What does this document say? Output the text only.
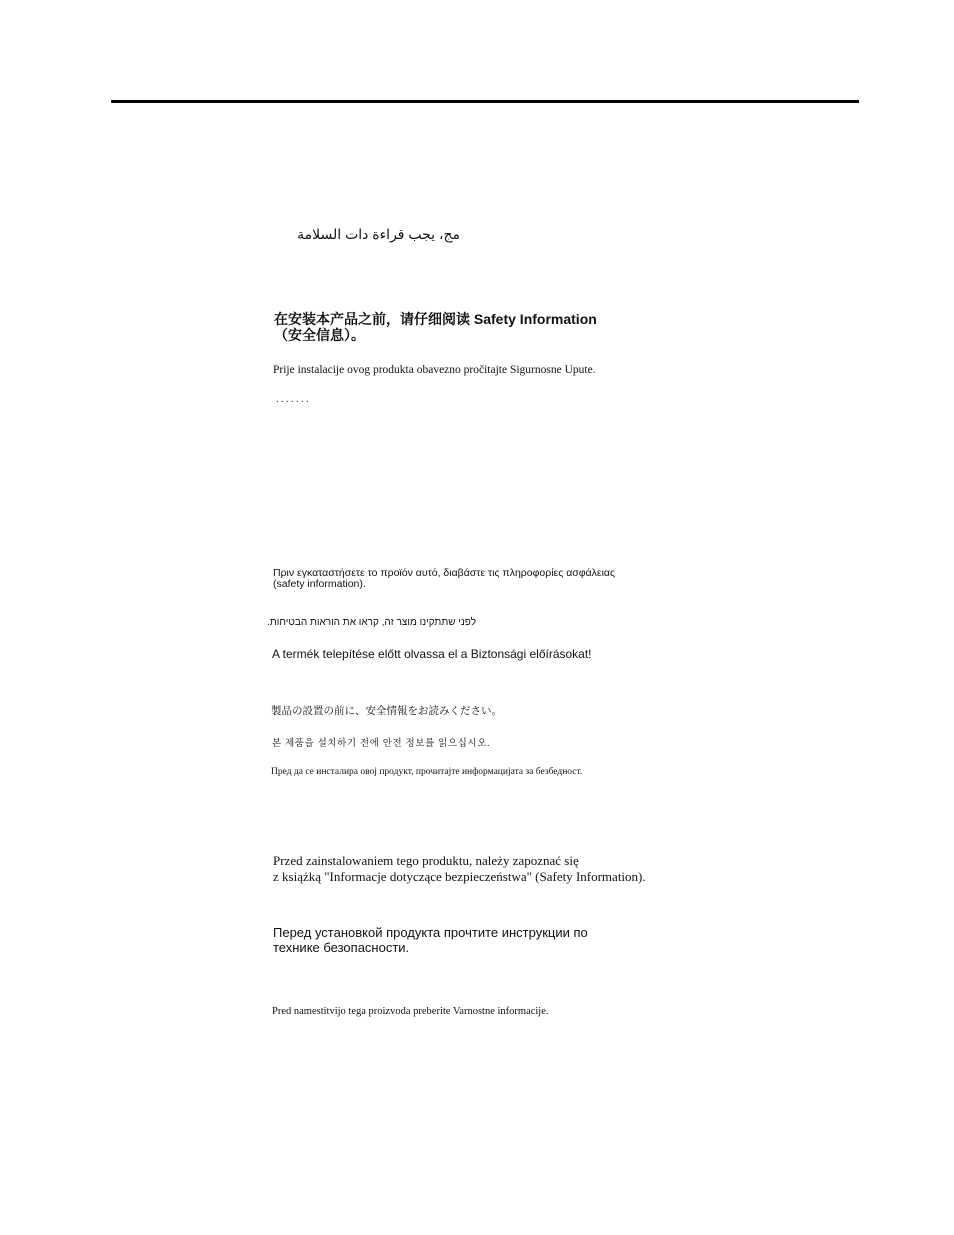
مج، يجب قراءة دات السلامة
在安装本产品之前，请仔细阅读 Safety Information
（安全信息）。
Prije instalacije ovog produkta obavezno pročitajte Sigurnosne Upute.
. . . . . . .
Πριν εγκαταστήσετε το προϊόν αυτό, διαβάστε τις πληροφορίες ασφάλειας
(safety information).
לפני שתתקינו מוצר זה, קראו את הוראות הבטיחות.
A termék telepítése előtt olvassa el a Biztonsági előírásokat!
製品の設置の前に、安全情報をお読みください。
본 제품을 설치하기 전에 안전 정보를 읽으십시오.
Пред да се инсталира овој продукт, прочитајте информацијата за безбедност.
Przed zainstalowaniem tego produktu, należy zapoznać się
z książką "Informacje dotyczące bezpieczeństwa" (Safety Information).
Перед установкой продукта прочтите инструкции по
технике безопасности.
Pred namestitvijo tega proizvoda preberite Varnostne informacije.
